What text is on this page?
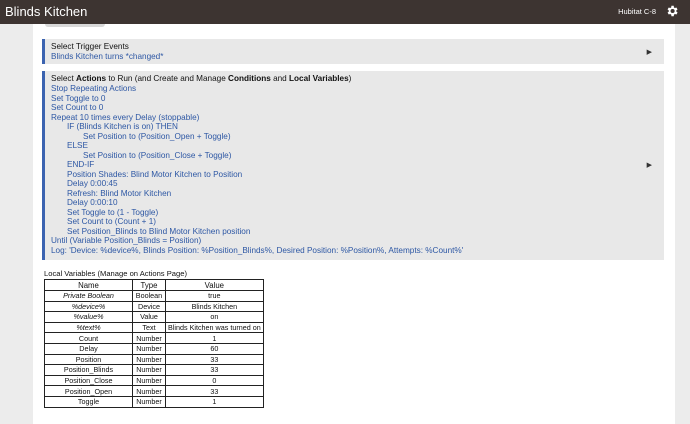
Blinds Kitchen	Hubitat C-8
Select Trigger Events
Blinds Kitchen turns *changed*	▶
Select Actions to Run (and Create and Manage Conditions and Local Variables)
Stop Repeating Actions
Set Toggle to 0
Set Count to 0
Repeat 10 times every Delay (stoppable)
IF (Blinds Kitchen is on) THEN
Set Position to (Position_Open + Toggle)
ELSE
Set Position to (Position_Close + Toggle)
END-IF
Position Shades: Blind Motor Kitchen to Position
Delay 0:00:45
Refresh: Blind Motor Kitchen
Delay 0:00:10
Set Toggle to (1 - Toggle)
Set Count to (Count + 1)
Set Position_Blinds to Blind Motor Kitchen position
Until (Variable Position_Blinds = Position)
Log: 'Device: %device%, Blinds Position: %Position_Blinds%, Desired Position: %Position%, Attempts: %Count%'
▶
Local Variables (Manage on Actions Page)
Name	Type	Value
Private Boolean	Boolean	true
%device%	Device	Blinds Kitchen
%value%	Value	on
%text%	Text	Blinds Kitchen was turned on
Count	Number	1
Delay	Number	60
Position	Number	33
Position_Blinds	Number	33
Position_Close	Number	0
Position_Open	Number	33
Toggle	Number	1
